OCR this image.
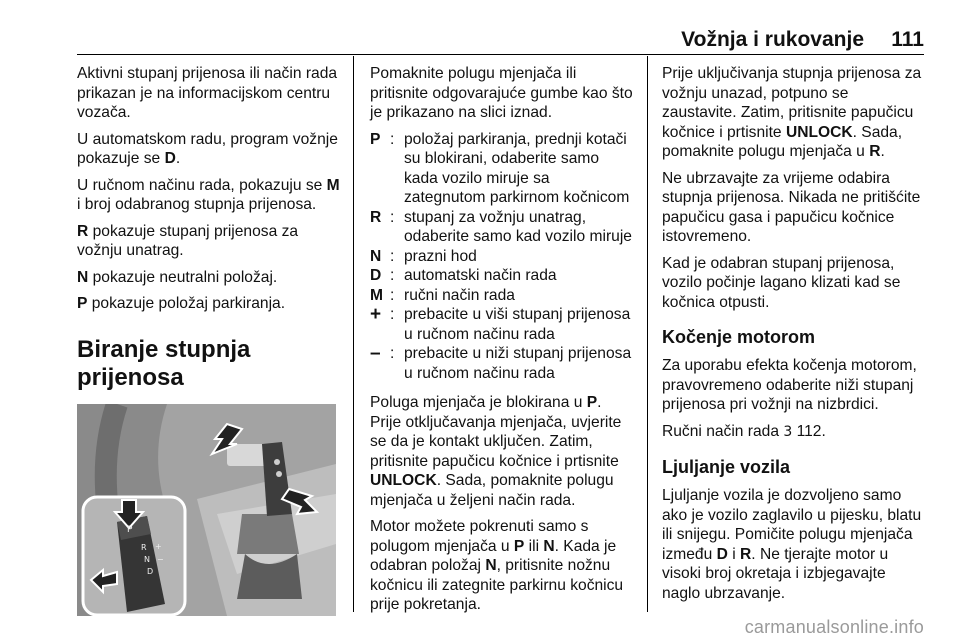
Vožnja i rukovanje 111

Aktivni stupanj prijenosa ili način rada prikazan je na informacijskom centru vozača.

U automatskom radu, program vožnje pokazuje se D.

U ručnom načinu rada, pokazuju se M i broj odabranog stupnja prijenosa.

R pokazuje stupanj prijenosa za vožnju unatrag.

N pokazuje neutralni položaj.

P pokazuje položaj parkiranja.

Biranje stupnja prijenosa
P
R
N
D
+
−

Pomaknite polugu mjenjača ili pritisnite odgovarajuće gumbe kao što je prikazano na slici iznad.

P : položaj parkiranja, prednji kotači su blokirani, odaberite samo kada vozilo miruje sa zategnutom parkirnom kočnicom
R : stupanj za vožnju unatrag, odaberite samo kad vozilo miruje
N : prazni hod
D : automatski način rada
M : ručni način rada
+ : prebacite u viši stupanj prijenosa u ručnom načinu rada
– : prebacite u niži stupanj prijenosa u ručnom načinu rada

Poluga mjenjača je blokirana u P. Prije otključavanja mjenjača, uvjerite se da je kontakt uključen. Zatim, pritisnite papučicu kočnice i prtisnite UNLOCK. Sada, pomaknite polugu mjenjača u željeni način rada.

Motor možete pokrenuti samo s polugom mjenjača u P ili N. Kada je odabran položaj N, pritisnite nožnu kočnicu ili zategnite parkirnu kočnicu prije pokretanja.

Prije uključivanja stupnja prijenosa za vožnju unazad, potpuno se zaustavite. Zatim, pritisnite papučicu kočnice i prtisnite UNLOCK. Sada, pomaknite polugu mjenjača u R.

Ne ubrzavajte za vrijeme odabira stupnja prijenosa. Nikada ne pritišćite papučicu gasa i papučicu kočnice istovremeno.

Kad je odabran stupanj prijenosa, vozilo počinje lagano klizati kad se kočnica otpusti.

Kočenje motorom

Za uporabu efekta kočenja motorom, pravovremeno odaberite niži stupanj prijenosa pri vožnji na nizbrdici.

Ručni način rada 3 112.

Ljuljanje vozila

Ljuljanje vozila je dozvoljeno samo ako je vozilo zaglavilo u pijesku, blatu ili snijegu. Pomičite polugu mjenjača između D i R. Ne tjerajte motor u visoki broj okretaja i izbjegavajte naglo ubrzavanje.

carmanualsonline.info
